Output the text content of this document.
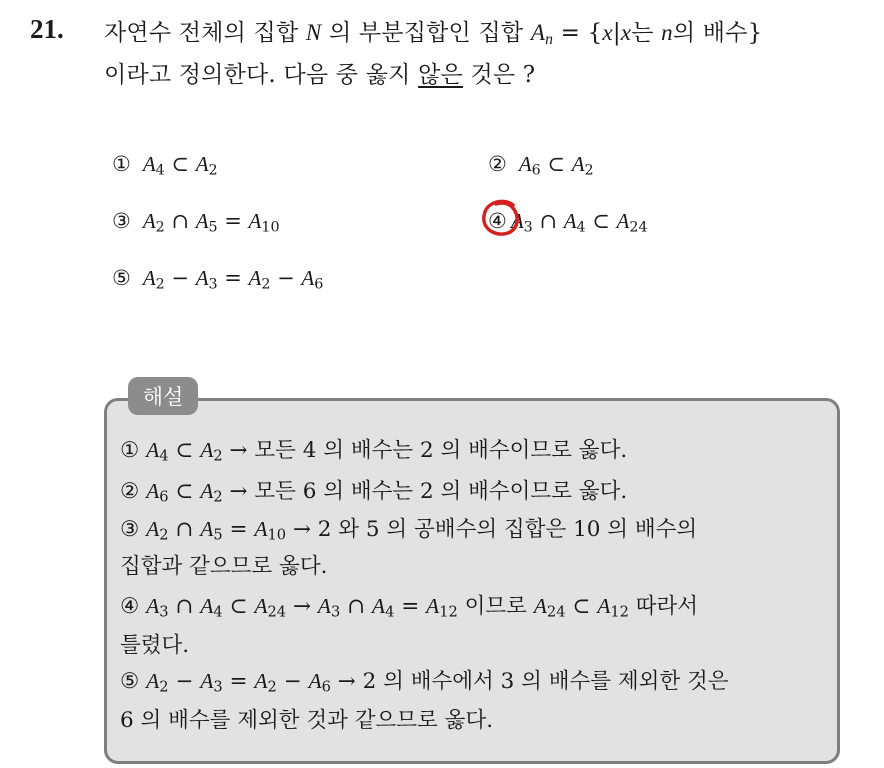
21. 자연수 전체의 집합 N 의 부분집합인 집합 $A_n = \{x|x$는 n의 배수}
이라고 정의한다. 다음 중 옳지 않은 것은 ?
① $A_4$ ⊂ $A_2$	② $A_6$ ⊂ $A_2$
③ $A_2$ ∩ $A_5 = A_{10}$	④ $A_3$ ∩ $A_4$ ⊂ $A_{24}$
⑤ $A_2 - A_3 = A_2 - A_6$
해설
① $A_4$ ⊂ $A_2$ → 모든 4 의 배수는 2 의 배수이므로 옳다.
② $A_6$ ⊂ $A_2$ → 모든 6 의 배수는 2 의 배수이므로 옳다.
③ $A_2$ ∩ $A_5 = A_{10} \to 2$ 와 5 의 공배수의 집합은 10 의 배수의
집합과 같으므로 옳다.
④ $A_3$ ∩ $A_4$ ⊂ $A_{24} \to A_3$ ∩ $A_4 = A_{12}$ 이므로 $A_{24}$ ⊂ $A_{12}$ 따라서
틀렸다.
⑤ $A_2 - A_3 = A_2 - A_6 \to 2$ 의 배수에서 3 의 배수를 제외한 것은
6 의 배수를 제외한 것과 같으므로 옳다.
